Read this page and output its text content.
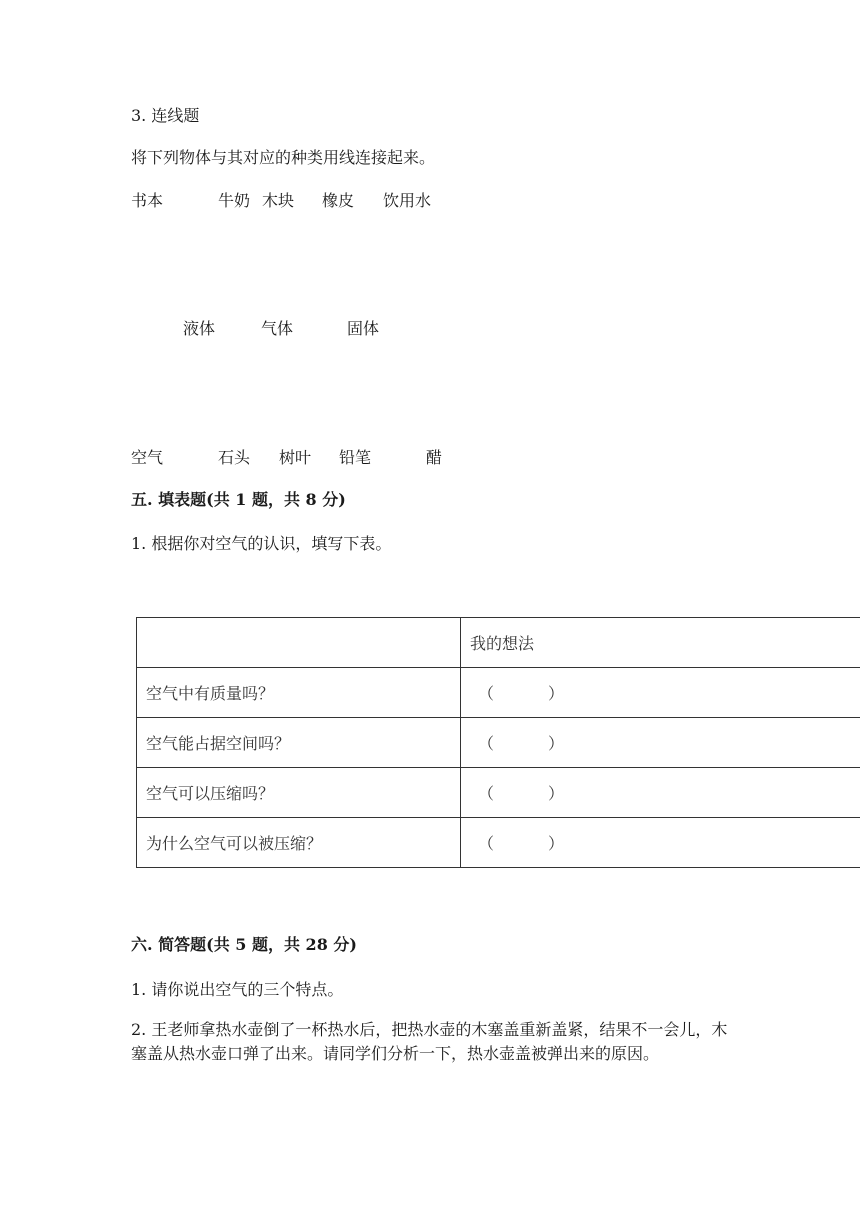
3. 连线题
将下列物体与其对应的种类用线连接起来。
书本	牛奶 木块 橡皮 饮用水
液体	气体	固体
空气	石头 树叶 铅笔	醋
五. 填表题(共 1 题，共 8 分)
1. 根据你对空气的认识，填写下表。
	我的想法
空气中有质量吗？	（ ）

空气能占据空间吗？	（ ）

空气可以压缩吗？	（ ）

为什么空气可以被压缩？	（ ）
六. 简答题(共 5 题，共 28 分)
1. 请你说出空气的三个特点。
2. 王老师拿热水壶倒了一杯热水后，把热水壶的木塞盖重新盖紧，结果不一会儿，木塞盖从热水壶口弹了出来。请同学们分析一下，热水壶盖被弹出来的原因。
